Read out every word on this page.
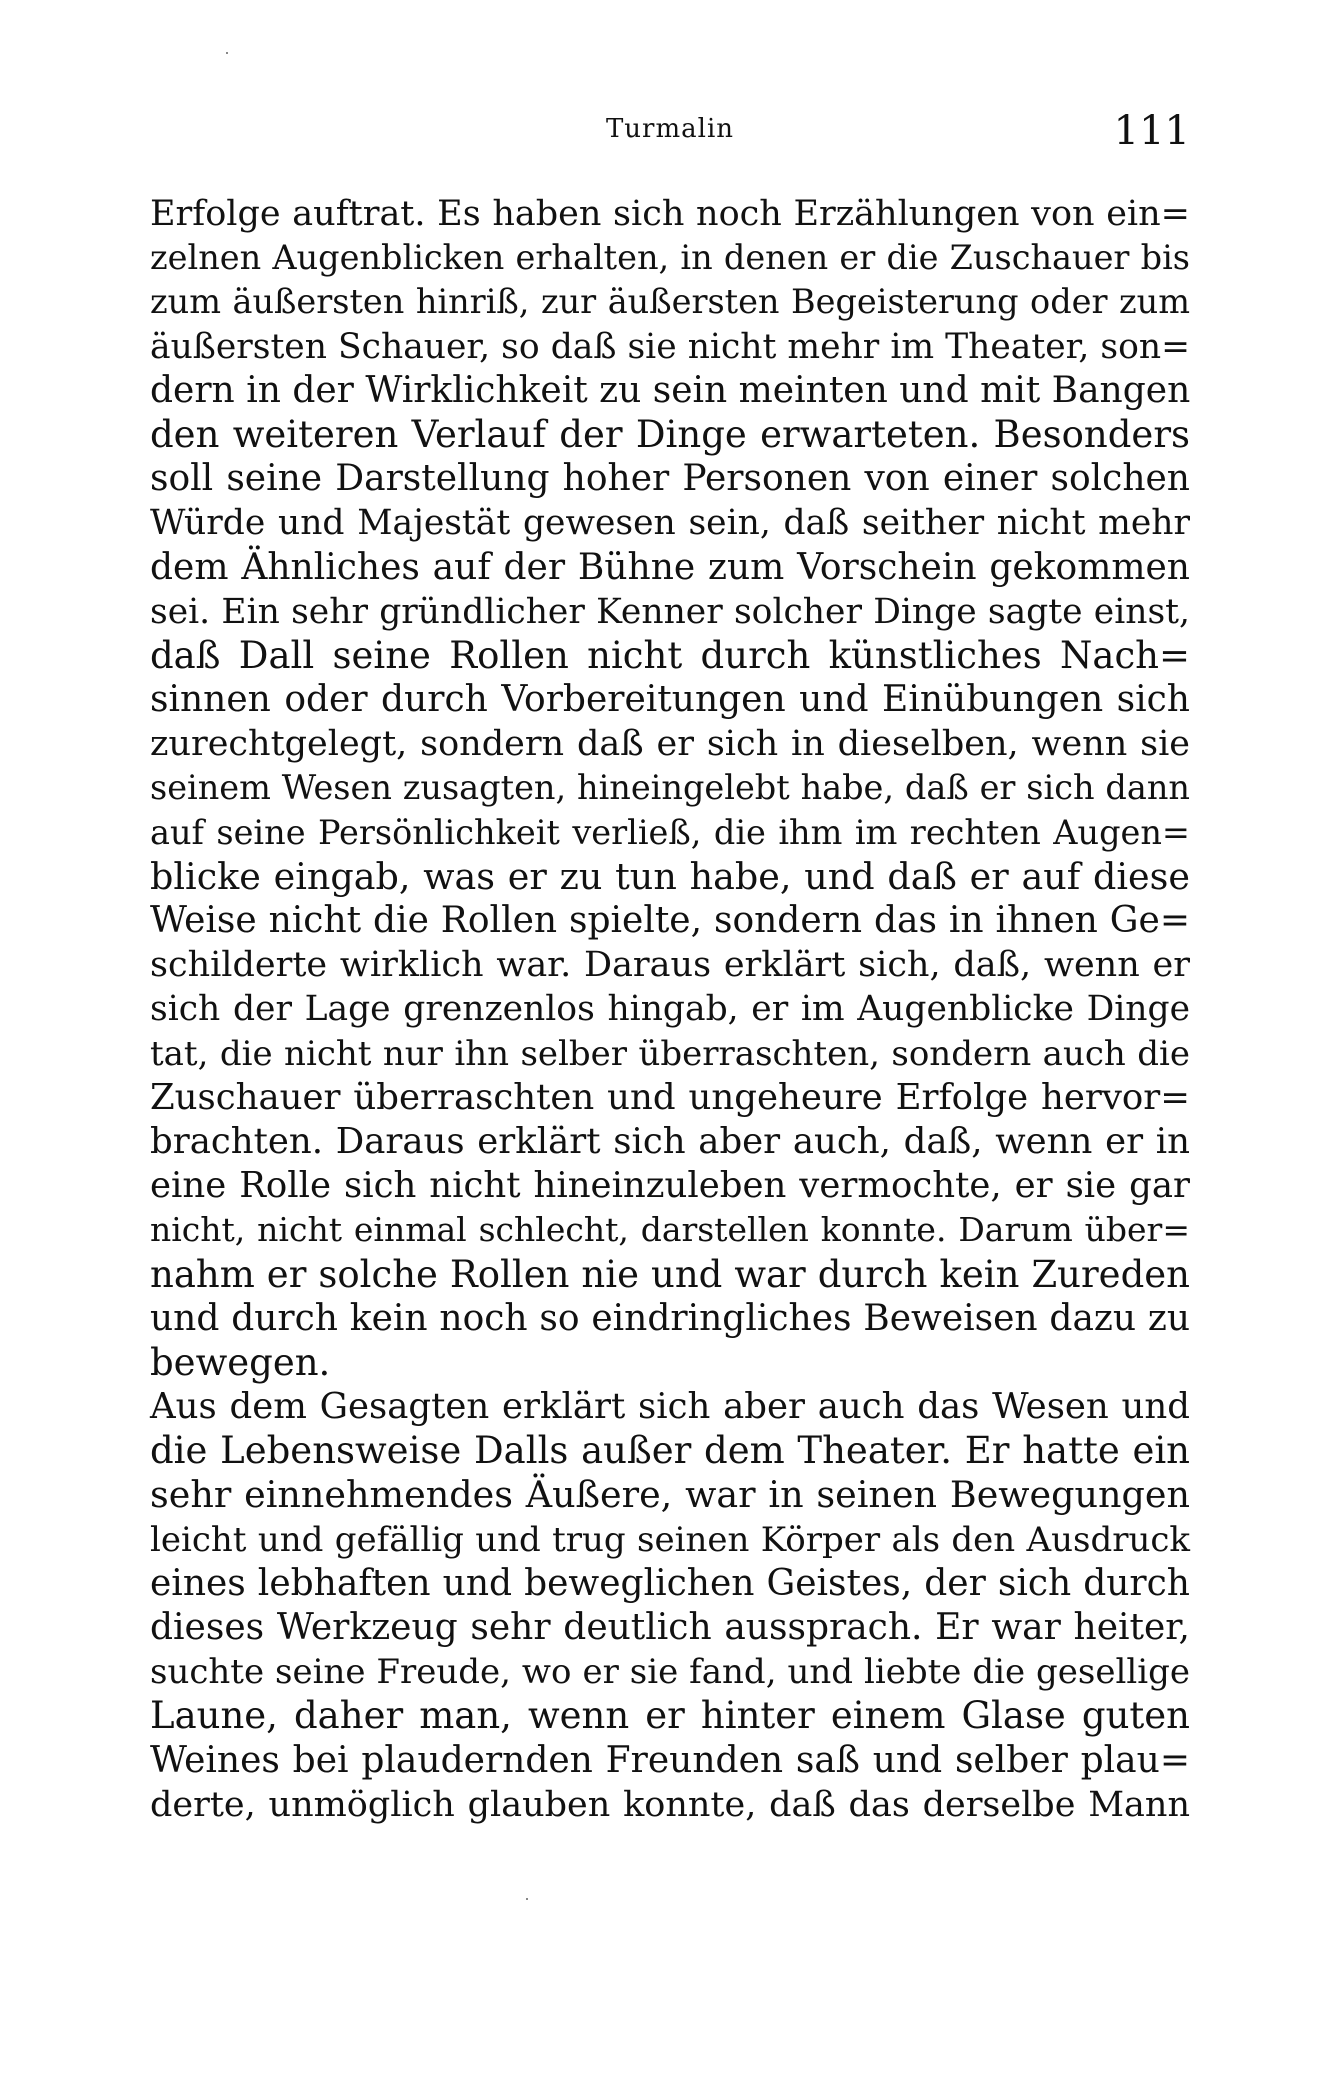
Turmalin	111
Erfolge auftrat. Es haben sich noch Erzählungen von ein=
zelnen Augenblicken erhalten, in denen er die Zuschauer bis
zum äußersten hinriß, zur äußersten Begeisterung oder zum
äußersten Schauer, so daß sie nicht mehr im Theater, son=
dern in der Wirklichkeit zu sein meinten und mit Bangen
den weiteren Verlauf der Dinge erwarteten. Besonders
soll seine Darstellung hoher Personen von einer solchen
Würde und Majestät gewesen sein, daß seither nicht mehr
dem Ähnliches auf der Bühne zum Vorschein gekommen
sei. Ein sehr gründlicher Kenner solcher Dinge sagte einst,
daß Dall seine Rollen nicht durch künstliches Nach=
sinnen oder durch Vorbereitungen und Einübungen sich
zurechtgelegt, sondern daß er sich in dieselben, wenn sie
seinem Wesen zusagten, hineingelebt habe, daß er sich dann
auf seine Persönlichkeit verließ, die ihm im rechten Augen=
blicke eingab, was er zu tun habe, und daß er auf diese
Weise nicht die Rollen spielte, sondern das in ihnen Ge=
schilderte wirklich war. Daraus erklärt sich, daß, wenn er
sich der Lage grenzenlos hingab, er im Augenblicke Dinge
tat, die nicht nur ihn selber überraschten, sondern auch die
Zuschauer überraschten und ungeheure Erfolge hervor=
brachten. Daraus erklärt sich aber auch, daß, wenn er in
eine Rolle sich nicht hineinzuleben vermochte, er sie gar
nicht, nicht einmal schlecht, darstellen konnte. Darum über=
nahm er solche Rollen nie und war durch kein Zureden
und durch kein noch so eindringliches Beweisen dazu zu
bewegen.
Aus dem Gesagten erklärt sich aber auch das Wesen und
die Lebensweise Dalls außer dem Theater. Er hatte ein
sehr einnehmendes Äußere, war in seinen Bewegungen
leicht und gefällig und trug seinen Körper als den Ausdruck
eines lebhaften und beweglichen Geistes, der sich durch
dieses Werkzeug sehr deutlich aussprach. Er war heiter,
suchte seine Freude, wo er sie fand, und liebte die gesellige
Laune, daher man, wenn er hinter einem Glase guten
Weines bei plaudernden Freunden saß und selber plau=
derte, unmöglich glauben konnte, daß das derselbe Mann
